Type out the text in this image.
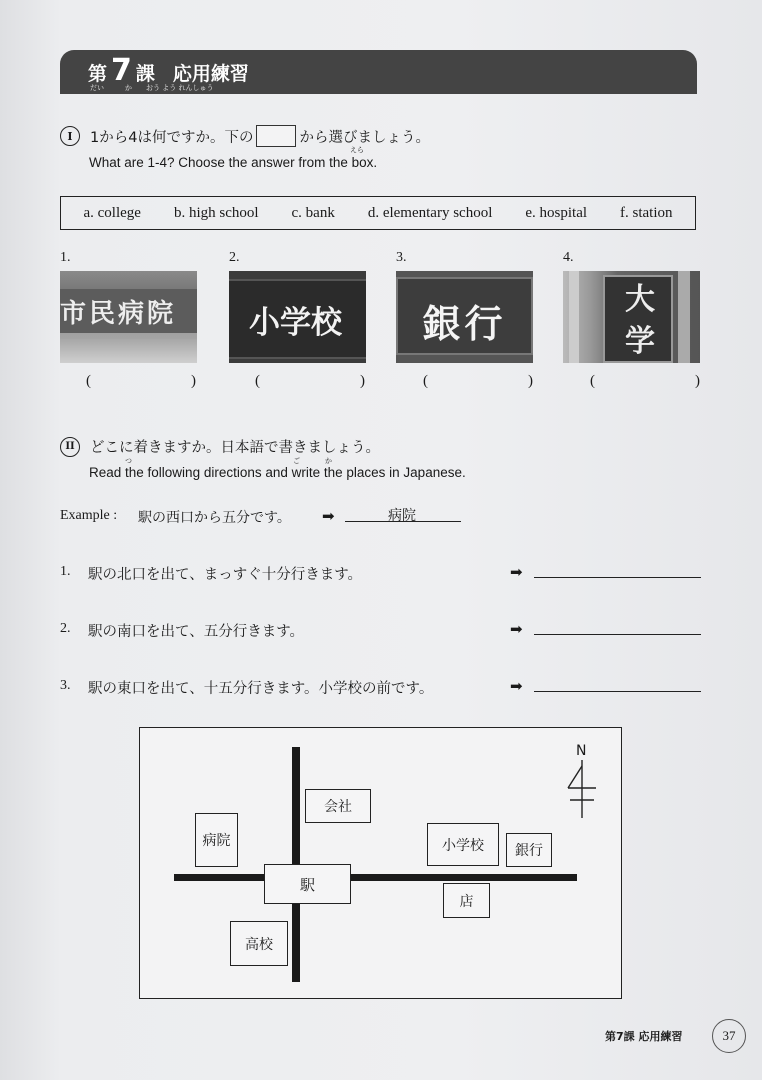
第 7 課 応用練習
だい　　　か　　おう よう れんしゅう
I	1から4は何ですか。下の	から選びましょう。
えら
What are 1-4? Choose the answer from the box.
a. college b. high school c. bank d. elementary school e. hospital f. station
1.	2.	3.	4.
市民病院	小学校	銀行
大学
(	)	(	)	(	)	(	)
II	どこに着きますか。日本語で書きましょう。
つ	ご	か
Read the following directions and write the places in Japanese.
Example : 駅の西口から五分です。 ➡	病院
1. 駅の北口を出て、まっすぐ十分行きます。	➡
2. 駅の南口を出て、五分行きます。	➡
3. 駅の東口を出て、十五分行きます。小学校の前です。	➡
会社
病院
駅
小学校	銀行
店
高校
N
第7課 応用練習	37
